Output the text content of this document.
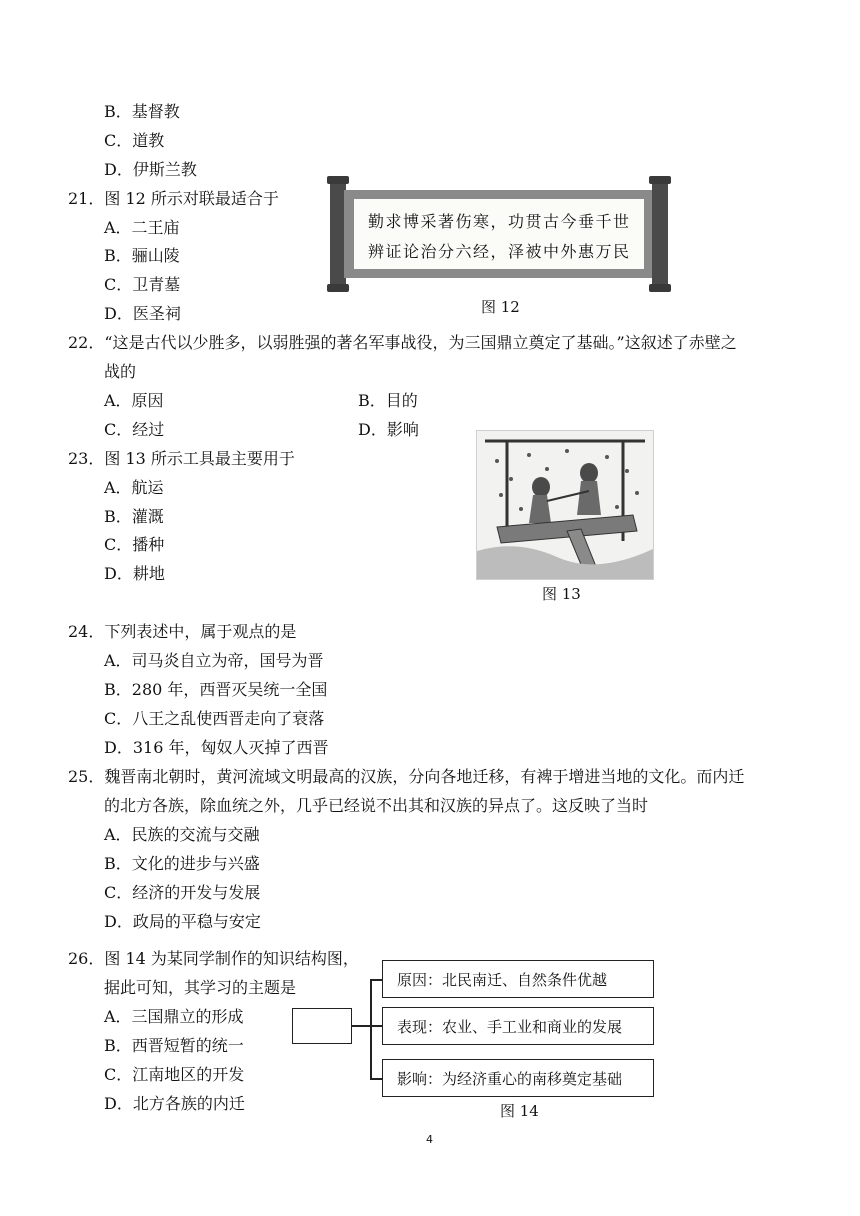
B．基督教
C．道教
D．伊斯兰教
21．图 12 所示对联最适合于
A．二王庙
B．骊山陵
C．卫青墓
D．医圣祠
勤求博采著伤寒，功贯古今垂千世
辨证论治分六经，泽被中外惠万民
图 12
22．“这是古代以少胜多，以弱胜强的著名军事战役，为三国鼎立奠定了基础。”这叙述了赤壁之
战的
A．原因	B．目的
C．经过	D．影响
23．图 13 所示工具最主要用于
A．航运
B．灌溉
C．播种
D．耕地
图 13
24．下列表述中，属于观点的是
A．司马炎自立为帝，国号为晋
B．280 年，西晋灭吴统一全国
C．八王之乱使西晋走向了衰落
D．316 年，匈奴人灭掉了西晋
25．魏晋南北朝时，黄河流域文明最高的汉族，分向各地迁移，有裨于增进当地的文化。而内迁
的北方各族，除血统之外，几乎已经说不出其和汉族的异点了。这反映了当时
A．民族的交流与交融
B．文化的进步与兴盛
C．经济的开发与发展
D．政局的平稳与安定
26．图 14 为某同学制作的知识结构图，
据此可知，其学习的主题是
A．三国鼎立的形成
B．西晋短暂的统一
C．江南地区的开发
D．北方各族的内迁
原因：北民南迁、自然条件优越
表现：农业、手工业和商业的发展
影响：为经济重心的南移奠定基础
图 14
4
